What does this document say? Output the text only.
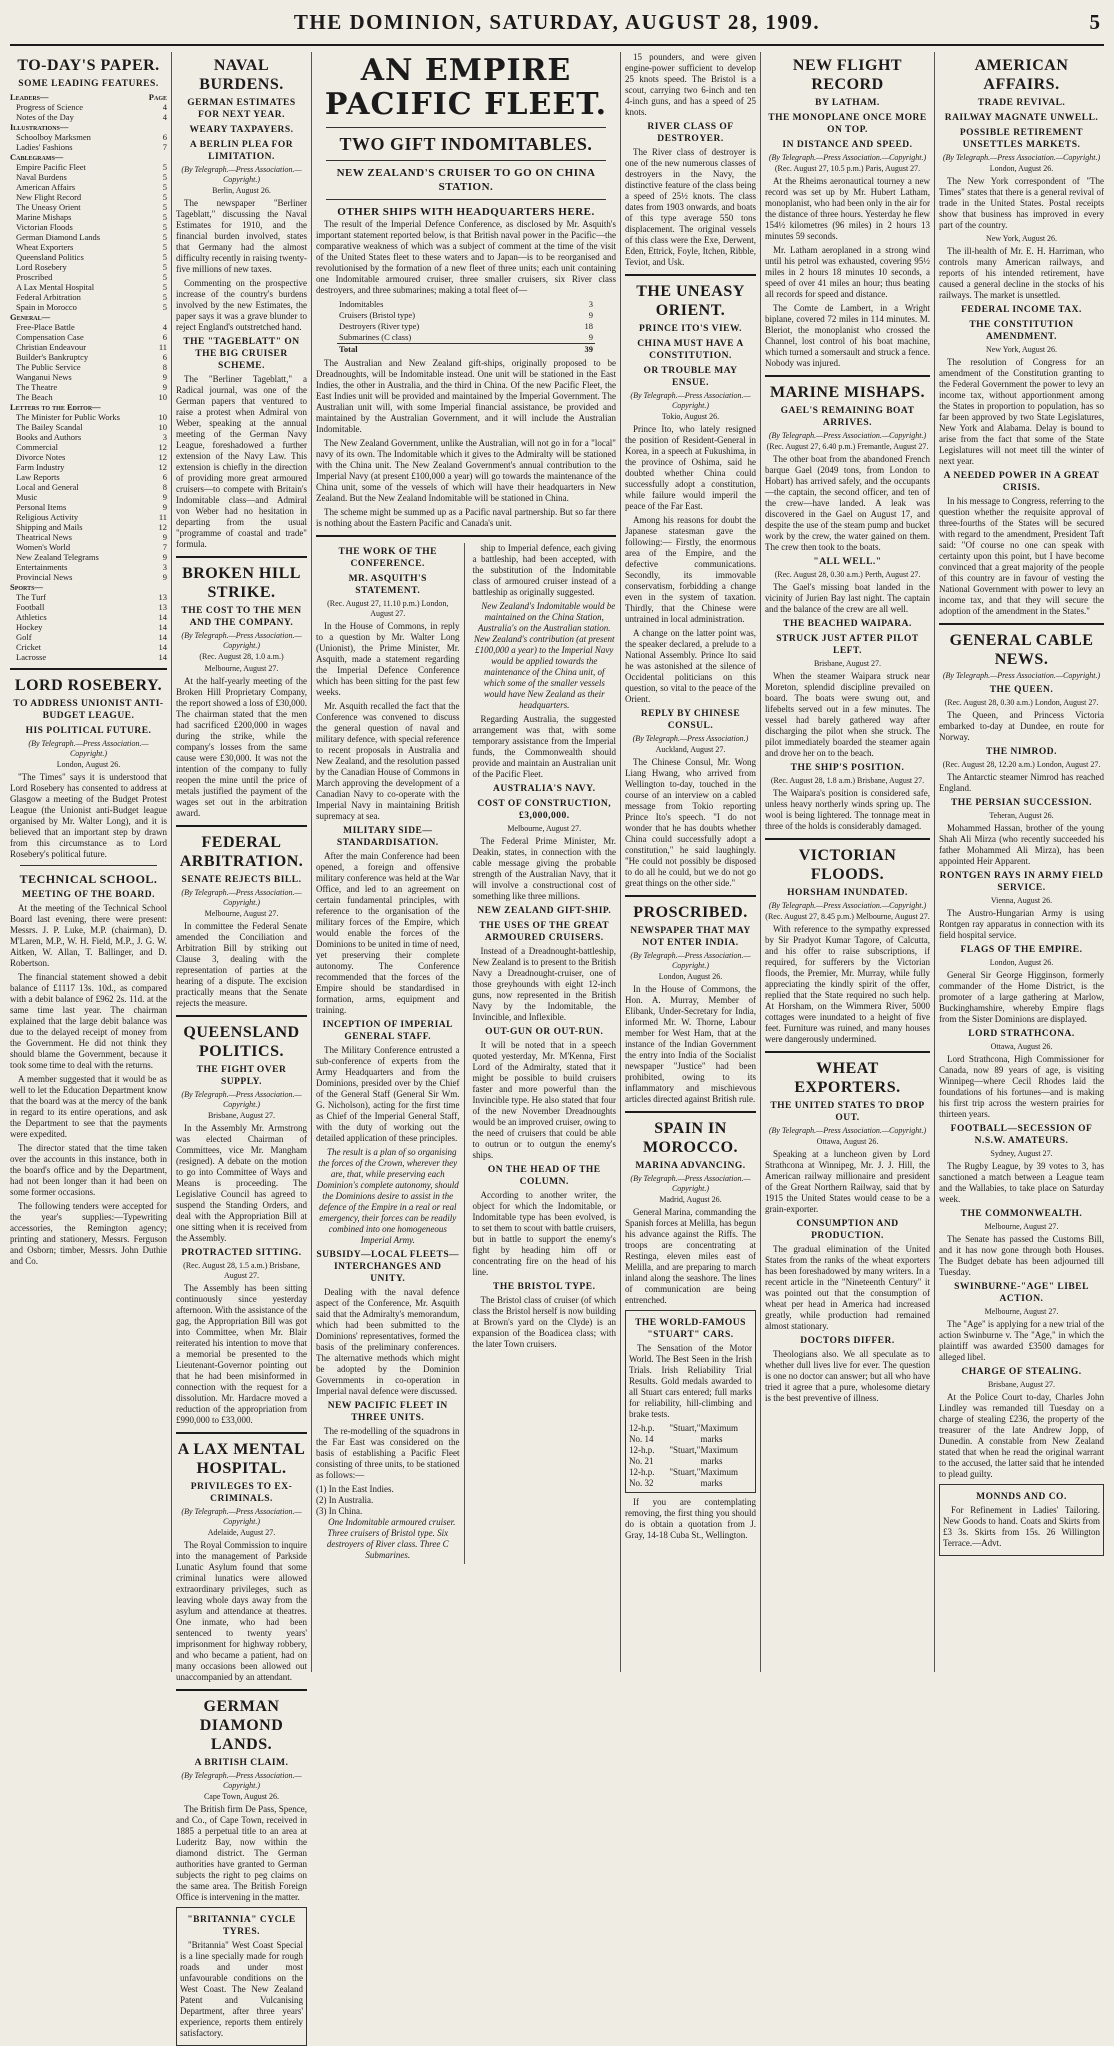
THE DOMINION, SATURDAY, AUGUST 28, 1909.	5
TO-DAY'S PAPER.
SOME LEADING FEATURES.
Leaders—	Page
Progress of Science	4
Notes of the Day	4
Illustrations—
Schoolboy Marksmen	6
Ladies' Fashions	7
Cablegrams—
Empire Pacific Fleet	5
Naval Burdens	5
American Affairs	5
New Flight Record	5
The Uneasy Orient	5
Marine Mishaps	5
Victorian Floods	5
German Diamond Lands	5
Wheat Exporters	5
Queensland Politics	5
Lord Rosebery	5
Proscribed	5
A Lax Mental Hospital	5
Federal Arbitration	5
Spain in Morocco	5
General—
Free-Place Battle	4
Compensation Case	6
Christian Endeavour	11
Builder's Bankruptcy	6
The Public Service	8
Wanganui News	9
The Theatre	9
The Beach	10
Letters to the Editor—
The Minister for Public Works	10
The Bailey Scandal	10
Books and Authors	3
Commercial	12
Divorce Notes	12
Farm Industry	12
Law Reports	6
Local and General	8
Music	9
Personal Items	9
Religious Activity	11
Shipping and Mails	12
Theatrical News	9
Women's World	7
New Zealand Telegrams	9
Entertainments	3
Provincial News	9
Sports—
The Turf	13
Football	13
Athletics	14
Hockey	14
Golf	14
Cricket	14
Lacrosse	14
LORD ROSEBERY.
TO ADDRESS UNIONIST ANTI-BUDGET LEAGUE.
HIS POLITICAL FUTURE.
(By Telegraph.—Press Association.—Copyright.)
London, August 26.

"The Times" says it is understood that Lord Rosebery has consented to address at Glasgow a meeting of the Budget Protest League (the Unionist anti-Budget league organised by Mr. Walter Long), and it is believed that an important step by drawn from this circumstance as to Lord Rosebery's political future.

TECHNICAL SCHOOL.
MEETING OF THE BOARD.

At the meeting of the Technical School Board last evening, there were present: Messrs. J. P. Luke, M.P. (chairman), D. M'Laren, M.P., W. H. Field, M.P., J. G. W. Aitken, W. Allan, T. Ballinger, and D. Robertson.

The financial statement showed a debit balance of £1117 13s. 10d., as compared with a debit balance of £962 2s. 11d. at the same time last year. The chairman explained that the large debit balance was due to the delayed receipt of money from the Government. He did not think they should blame the Government, because it took some time to deal with the returns.

A member suggested that it would be as well to let the Education Department know that the board was at the mercy of the bank in regard to its entire operations, and ask the Department to see that the payments were expedited.

The director stated that the time taken over the accounts in this instance, both in the board's office and by the Department, had not been longer than it had been on some former occasions.

The following tenders were accepted for the year's supplies:—Typewriting accessories, the Remington agency; printing and stationery, Messrs. Ferguson and Osborn; timber, Messrs. John Duthie and Co.

NAVAL BURDENS.
GERMAN ESTIMATES FOR NEXT YEAR.
WEARY TAXPAYERS.
A BERLIN PLEA FOR LIMITATION.
(By Telegraph.—Press Association.—Copyright.)
Berlin, August 26.

The newspaper "Berliner Tageblatt," discussing the Naval Estimates for 1910, and the financial burden involved, states that Germany had the almost difficulty recently in raising twenty-five millions of new taxes.

Commenting on the prospective increase of the country's burdens involved by the new Estimates, the paper says it was a grave blunder to reject England's outstretched hand.

THE "TAGEBLATT" ON THE BIG CRUISER SCHEME.

The "Berliner Tageblatt," a Radical journal, was one of the German papers that ventured to raise a protest when Admiral von Weber, speaking at the annual meeting of the German Navy League, foreshadowed a further extension of the Navy Law. This extension is chiefly in the direction of providing more great armoured cruisers—to compete with Britain's Indomitable class—and Admiral von Weber had no hesitation in departing from the usual "programme of coastal and trade" formula.

BROKEN HILL STRIKE.
THE COST TO THE MEN AND THE COMPANY.
(By Telegraph.—Press Association.—Copyright.)
(Rec. August 28, 1.0 a.m.)
Melbourne, August 27.

At the half-yearly meeting of the Broken Hill Proprietary Company, the report showed a loss of £30,000. The chairman stated that the men had sacrificed £200,000 in wages during the strike, while the company's losses from the same cause were £30,000. It was not the intention of the company to fully reopen the mine until the price of metals justified the payment of the wages set out in the arbitration award.

FEDERAL ARBITRATION.
SENATE REJECTS BILL.
(By Telegraph.—Press Association.—Copyright.)
Melbourne, August 27.

In committee the Federal Senate amended the Conciliation and Arbitration Bill by striking out Clause 3, dealing with the representation of parties at the hearing of a dispute. The excision practically means that the Senate rejects the measure.

QUEENSLAND POLITICS.
THE FIGHT OVER SUPPLY.
(By Telegraph.—Press Association.—Copyright.)
Brisbane, August 27.

In the Assembly Mr. Armstrong was elected Chairman of Committees, vice Mr. Mangham (resigned). A debate on the motion to go into Committee of Ways and Means is proceeding. The Legislative Council has agreed to suspend the Standing Orders, and deal with the Appropriation Bill at one sitting when it is received from the Assembly.

PROTRACTED SITTING.
(Rec. August 28, 1.5 a.m.) Brisbane, August 27.

The Assembly has been sitting continuously since yesterday afternoon. With the assistance of the gag, the Appropriation Bill was got into Committee, when Mr. Blair reiterated his intention to move that a memorial be presented to the Lieutenant-Governor pointing out that he had been misinformed in connection with the request for a dissolution. Mr. Hardacre moved a reduction of the appropriation from £990,000 to £33,000.

A LAX MENTAL HOSPITAL.
PRIVILEGES TO EX-CRIMINALS.
(By Telegraph.—Press Association.—Copyright.)
Adelaide, August 27.

The Royal Commission to inquire into the management of Parkside Lunatic Asylum found that some criminal lunatics were allowed extraordinary privileges, such as leaving whole days away from the asylum and attendance at theatres. One inmate, who had been sentenced to twenty years' imprisonment for highway robbery, and who became a patient, had on many occasions been allowed out unaccompanied by an attendant.

GERMAN DIAMOND LANDS.
A BRITISH CLAIM.
(By Telegraph.—Press Association.—Copyright.)
Cape Town, August 26.

The British firm De Pass, Spence, and Co., of Cape Town, received in 1885 a perpetual title to an area at Luderitz Bay, now within the diamond district. The German authorities have granted to German subjects the right to peg claims on the same area. The British Foreign Office is intervening in the matter.

"BRITANNIA" CYCLE TYRES.

"Britannia" West Coast Special is a line specially made for rough roads and under most unfavourable conditions on the West Coast. The New Zealand Patent and Vulcanising Department, after three years' experience, reports them entirely satisfactory.

AN EMPIRE PACIFIC FLEET.
TWO GIFT INDOMITABLES.
NEW ZEALAND'S CRUISER TO GO ON CHINA STATION.
OTHER SHIPS WITH HEADQUARTERS HERE.

The result of the Imperial Defence Conference, as disclosed by Mr. Asquith's important statement reported below, is that British naval power in the Pacific—the comparative weakness of which was a subject of comment at the time of the visit of the United States fleet to these waters and to Japan—is to be reorganised and revolutionised by the formation of a new fleet of three units; each unit containing one Indomitable armoured cruiser, three smaller cruisers, six River class destroyers, and three submarines; making a total fleet of—

Indomitables	3
Cruisers (Bristol type)	9
Destroyers (River type)	18
Submarines (C class)	9
Total	39

The Australian and New Zealand gift-ships, originally proposed to be Dreadnoughts, will be Indomitable instead. One unit will be stationed in the East Indies, the other in Australia, and the third in China. Of the new Pacific Fleet, the East Indies unit will be provided and maintained by the Imperial Government. The Australian unit will, with some Imperial financial assistance, be provided and maintained by the Australian Government, and it will include the Australian Indomitable.

The New Zealand Government, unlike the Australian, will not go in for a "local" navy of its own. The Indomitable which it gives to the Admiralty will be stationed with the China unit. The New Zealand Government's annual contribution to the Imperial Navy (at present £100,000 a year) will go towards the maintenance of the China unit, some of the vessels of which will have their headquarters in New Zealand. But the New Zealand Indomitable will be stationed in China.

The scheme might be summed up as a Pacific naval partnership. But so far there is nothing about the Eastern Pacific and Canada's unit.

THE WORK OF THE CONFERENCE.
MR. ASQUITH'S STATEMENT.
(Rec. August 27, 11.10 p.m.) London, August 27.

In the House of Commons, in reply to a question by Mr. Walter Long (Unionist), the Prime Minister, Mr. Asquith, made a statement regarding the Imperial Defence Conference which has been sitting for the past few weeks.

Mr. Asquith recalled the fact that the Conference was convened to discuss the general question of naval and military defence, with special reference to recent proposals in Australia and New Zealand, and the resolution passed by the Canadian House of Commons in March approving the development of a Canadian Navy to co-operate with the Imperial Navy in maintaining British supremacy at sea.

MILITARY SIDE—STANDARDISATION.

After the main Conference had been opened, a foreign and offensive military conference was held at the War Office, and led to an agreement on certain fundamental principles, with reference to the organisation of the military forces of the Empire, which would enable the forces of the Dominions to be united in time of need, yet preserving their complete autonomy. The Conference recommended that the forces of the Empire should be standardised in formation, arms, equipment and training.

INCEPTION OF IMPERIAL GENERAL STAFF.

The Military Conference entrusted a sub-conference of experts from the Army Headquarters and from the Dominions, presided over by the Chief of the General Staff (General Sir Wm. G. Nicholson), acting for the first time as Chief of the Imperial General Staff, with the duty of working out the detailed application of these principles.

The result is a plan of so organising the forces of the Crown, wherever they are, that, while preserving each Dominion's complete autonomy, should the Dominions desire to assist in the defence of the Empire in a real or real emergency, their forces can be readily combined into one homogeneous Imperial Army.

SUBSIDY—LOCAL FLEETS—INTERCHANGES AND UNITY.

Dealing with the naval defence aspect of the Conference, Mr. Asquith said that the Admiralty's memorandum, which had been submitted to the Dominions' representatives, formed the basis of the preliminary conferences. The alternative methods which might be adopted by the Dominion Governments in co-operation in Imperial naval defence were discussed.

NEW PACIFIC FLEET IN THREE UNITS.

The re-modelling of the squadrons in the Far East was considered on the basis of establishing a Pacific Fleet consisting of three units, to be stationed as follows:—

(1) In the East Indies.
(2) In Australia.
(3) In China.

One Indomitable armoured cruiser. Three cruisers of Bristol type. Six destroyers of River class. Three C Submarines.

ship to Imperial defence, each giving a battleship, had been accepted, with the substitution of the Indomitable class of armoured cruiser instead of a battleship as originally suggested.

New Zealand's Indomitable would be maintained on the China Station, Australia's on the Australian station. New Zealand's contribution (at present £100,000 a year) to the Imperial Navy would be applied towards the maintenance of the China unit, of which some of the smaller vessels would have New Zealand as their headquarters.

Regarding Australia, the suggested arrangement was that, with some temporary assistance from the Imperial funds, the Commonwealth should provide and maintain an Australian unit of the Pacific Fleet.

AUSTRALIA'S NAVY.
COST OF CONSTRUCTION, £3,000,000.
Melbourne, August 27.

The Federal Prime Minister, Mr. Deakin, states, in connection with the cable message giving the probable strength of the Australian Navy, that it will involve a constructional cost of something like three millions.

NEW ZEALAND GIFT-SHIP.
THE USES OF THE GREAT ARMOURED CRUISERS.

Instead of a Dreadnought-battleship, New Zealand is to present to the British Navy a Dreadnought-cruiser, one of those greyhounds with eight 12-inch guns, now represented in the British Navy by the Indomitable, the Invincible, and Inflexible.

OUT-GUN OR OUT-RUN.

It will be noted that in a speech quoted yesterday, Mr. M'Kenna, First Lord of the Admiralty, stated that it might be possible to build cruisers faster and more powerful than the Invincible type. He also stated that four of the new November Dreadnoughts would be an improved cruiser, owing to the need of cruisers that could be able to outrun or to outgun the enemy's ships.

ON THE HEAD OF THE COLUMN.

According to another writer, the object for which the Indomitable, or Indomitable type has been evolved, is to set them to scout with battle cruisers, but in battle to support the enemy's fight by heading him off or concentrating fire on the head of his line.

THE BRISTOL TYPE.

The Bristol class of cruiser (of which class the Bristol herself is now building at Brown's yard on the Clyde) is an expansion of the Boadicea class; with the later Town cruisers.

15 pounders, and were given engine-power sufficient to develop 25 knots speed. The Bristol is a scout, carrying two 6-inch and ten 4-inch guns, and has a speed of 25 knots.

RIVER CLASS OF DESTROYER.

The River class of destroyer is one of the new numerous classes of destroyers in the Navy, the distinctive feature of the class being a speed of 25½ knots. The class dates from 1903 onwards, and boats of this type average 550 tons displacement. The original vessels of this class were the Exe, Derwent, Eden, Ettrick, Foyle, Itchen, Ribble, Teviot, and Usk.

THE UNEASY ORIENT.
PRINCE ITO'S VIEW.
CHINA MUST HAVE A CONSTITUTION.
OR TROUBLE MAY ENSUE.
(By Telegraph.—Press Association.—Copyright.)
Tokio, August 26.

Prince Ito, who lately resigned the position of Resident-General in Korea, in a speech at Fukushima, in the province of Oshima, said he doubted whether China could successfully adopt a constitution, while failure would imperil the peace of the Far East.

Among his reasons for doubt the Japanese statesman gave the following:— Firstly, the enormous area of the Empire, and the defective communications. Secondly, its immovable conservatism, forbidding a change even in the system of taxation. Thirdly, that the Chinese were untrained in local administration.

A change on the latter point was, the speaker declared, a prelude to a National Assembly. Prince Ito said he was astonished at the silence of Occidental politicians on this question, so vital to the peace of the Orient.

REPLY BY CHINESE CONSUL.
(By Telegraph.—Press Association.)
Auckland, August 27.

The Chinese Consul, Mr. Wong Liang Hwang, who arrived from Wellington to-day, touched in the course of an interview on a cabled message from Tokio reporting Prince Ito's speech. "I do not wonder that he has doubts whether China could successfully adopt a constitution," he said laughingly. "He could not possibly be disposed to do all he could, but we do not go great things on the other side."

PROSCRIBED.
NEWSPAPER THAT MAY NOT ENTER INDIA.
(By Telegraph.—Press Association.—Copyright.)
London, August 26.

In the House of Commons, the Hon. A. Murray, Member of Elibank, Under-Secretary for India, informed Mr. W. Thorne, Labour member for West Ham, that at the instance of the Indian Government the entry into India of the Socialist newspaper "Justice" had been prohibited, owing to its inflammatory and mischievous articles directed against British rule.

SPAIN IN MOROCCO.
MARINA ADVANCING.
(By Telegraph.—Press Association.—Copyright.)
Madrid, August 26.

General Marina, commanding the Spanish forces at Melilla, has begun his advance against the Riffs. The troops are concentrating at Restinga, eleven miles east of Melilla, and are preparing to march inland along the seashore. The lines of communication are being entrenched.

THE WORLD-FAMOUS "STUART" CARS.

The Sensation of the Motor World. The Best Seen in the Irish Trials. Irish Reliability Trial Results. Gold medals awarded to all Stuart cars entered; full marks for reliability, hill-climbing and brake tests.

12-h.p. "Stuart," No. 14
Maximum marks
12-h.p. "Stuart," No. 21
Maximum marks
12-h.p. "Stuart," No. 32
Maximum marks

If you are contemplating removing, the first thing you should do is obtain a quotation from J. Gray, 14-18 Cuba St., Wellington.

NEW FLIGHT RECORD
BY LATHAM.
THE MONOPLANE ONCE MORE ON TOP.
IN DISTANCE AND SPEED.
(By Telegraph.—Press Association.—Copyright.)
(Rec. August 27, 10.5 p.m.) Paris, August 27.

At the Rheims aeronautical tourney a new record was set up by Mr. Hubert Latham, monoplanist, who had been only in the air for the distance of three hours. Yesterday he flew 154½ kilometres (96 miles) in 2 hours 13 minutes 59 seconds.

Mr. Latham aeroplaned in a strong wind until his petrol was exhausted, covering 95½ miles in 2 hours 18 minutes 10 seconds, a speed of over 41 miles an hour; thus beating all records for speed and distance.

The Comte de Lambert, in a Wright biplane, covered 72 miles in 114 minutes. M. Bleriot, the monoplanist who crossed the Channel, lost control of his boat machine, which turned a somersault and struck a fence. Nobody was injured.

MARINE MISHAPS.
GAEL'S REMAINING BOAT ARRIVES.
(By Telegraph.—Press Association.—Copyright.)
(Rec. August 27, 6.40 p.m.) Fremantle, August 27.

The other boat from the abandoned French barque Gael (2049 tons, from London to Hobart) has arrived safely, and the occupants—the captain, the second officer, and ten of the crew—have landed. A leak was discovered in the Gael on August 17, and despite the use of the steam pump and bucket work by the crew, the water gained on them. The crew then took to the boats.

"ALL WELL."
(Rec. August 28, 0.30 a.m.) Perth, August 27.

The Gael's missing boat landed in the vicinity of Jurien Bay last night. The captain and the balance of the crew are all well.

THE BEACHED WAIPARA.
STRUCK JUST AFTER PILOT LEFT.
Brisbane, August 27.

When the steamer Waipara struck near Moreton, splendid discipline prevailed on board. The boats were swung out, and lifebelts served out in a few minutes. The vessel had barely gathered way after discharging the pilot when she struck. The pilot immediately boarded the steamer again and drove her on to the beach.

THE SHIP'S POSITION.
(Rec. August 28, 1.8 a.m.) Brisbane, August 27.

The Waipara's position is considered safe, unless heavy northerly winds spring up. The wool is being lightered. The tonnage meat in three of the holds is considerably damaged.

VICTORIAN FLOODS.
HORSHAM INUNDATED.
(By Telegraph.—Press Association.—Copyright.)
(Rec. August 27, 8.45 p.m.) Melbourne, August 27.

With reference to the sympathy expressed by Sir Pradyot Kumar Tagore, of Calcutta, and his offer to raise subscriptions, if required, for sufferers by the Victorian floods, the Premier, Mr. Murray, while fully appreciating the kindly spirit of the offer, replied that the State required no such help. At Horsham, on the Wimmera River, 5000 cottages were inundated to a height of five feet. Furniture was ruined, and many houses were dangerously undermined.

WHEAT EXPORTERS.
THE UNITED STATES TO DROP OUT.
(By Telegraph.—Press Association.—Copyright.)
Ottawa, August 26.

Speaking at a luncheon given by Lord Strathcona at Winnipeg, Mr. J. J. Hill, the American railway millionaire and president of the Great Northern Railway, said that by 1915 the United States would cease to be a grain-exporter.

CONSUMPTION AND PRODUCTION.

The gradual elimination of the United States from the ranks of the wheat exporters has been foreshadowed by many writers. In a recent article in the "Nineteenth Century" it was pointed out that the consumption of wheat per head in America had increased greatly, while production had remained almost stationary.

DOCTORS DIFFER.

Theologians also. We all speculate as to whether dull lives live for ever. The question is one no doctor can answer; but all who have tried it agree that a pure, wholesome dietary is the best preventive of illness.

AMERICAN AFFAIRS.
TRADE REVIVAL.
RAILWAY MAGNATE UNWELL.
POSSIBLE RETIREMENT UNSETTLES MARKETS.
(By Telegraph.—Press Association.—Copyright.)
London, August 26.

The New York correspondent of "The Times" states that there is a general revival of trade in the United States. Postal receipts show that business has improved in every part of the country.

New York, August 26.

The ill-health of Mr. E. H. Harriman, who controls many American railways, and reports of his intended retirement, have caused a general decline in the stocks of his railways. The market is unsettled.

FEDERAL INCOME TAX.
THE CONSTITUTION AMENDMENT.
New York, August 26.

The resolution of Congress for an amendment of the Constitution granting to the Federal Government the power to levy an income tax, without apportionment among the States in proportion to population, has so far been approved by two State Legislatures, New York and Alabama. Delay is bound to arise from the fact that some of the State Legislatures will not meet till the winter of next year.

A NEEDED POWER IN A GREAT CRISIS.

In his message to Congress, referring to the question whether the requisite approval of three-fourths of the States will be secured with regard to the amendment, President Taft said: "Of course no one can speak with certainty upon this point, but I have become convinced that a great majority of the people of this country are in favour of vesting the National Government with power to levy an income tax, and that they will secure the adoption of the amendment in the States."

GENERAL CABLE NEWS.
(By Telegraph.—Press Association.—Copyright.)
THE QUEEN.
(Rec. August 28, 0.30 a.m.) London, August 27.

The Queen, and Princess Victoria embarked to-day at Dundee, en route for Norway.

THE NIMROD.
(Rec. August 28, 12.20 a.m.) London, August 27.

The Antarctic steamer Nimrod has reached England.

THE PERSIAN SUCCESSION.
Teheran, August 26.

Mohammed Hassan, brother of the young Shah Ali Mirza (who recently succeeded his father Mohammed Ali Mirza), has been appointed Heir Apparent.

RONTGEN RAYS IN ARMY FIELD SERVICE.
Vienna, August 26.

The Austro-Hungarian Army is using Rontgen ray apparatus in connection with its field hospital service.

FLAGS OF THE EMPIRE.
London, August 26.

General Sir George Higginson, formerly commander of the Home District, is the promoter of a large gathering at Marlow, Buckinghamshire, whereby Empire flags from the Sister Dominions are displayed.

LORD STRATHCONA.
Ottawa, August 26.

Lord Strathcona, High Commissioner for Canada, now 89 years of age, is visiting Winnipeg—where Cecil Rhodes laid the foundations of his fortunes—and is making his first trip across the western prairies for thirteen years.

FOOTBALL—SECESSION OF N.S.W. AMATEURS.
Sydney, August 27.

The Rugby League, by 39 votes to 3, has sanctioned a match between a League team and the Wallabies, to take place on Saturday week.

THE COMMONWEALTH.
Melbourne, August 27.

The Senate has passed the Customs Bill, and it has now gone through both Houses. The Budget debate has been adjourned till Tuesday.

SWINBURNE-"AGE" LIBEL ACTION.
Melbourne, August 27.

The "Age" is applying for a new trial of the action Swinburne v. The "Age," in which the plaintiff was awarded £3500 damages for alleged libel.

CHARGE OF STEALING.
Brisbane, August 27.

At the Police Court to-day, Charles John Lindley was remanded till Tuesday on a charge of stealing £236, the property of the treasurer of the late Andrew Jopp, of Dunedin. A constable from New Zealand stated that when he read the original warrant to the accused, the latter said that he intended to plead guilty.

MONNDS AND CO.

For Refinement in Ladies' Tailoring. New Goods to hand. Coats and Skirts from £3 3s. Skirts from 15s. 26 Willington Terrace.—Advt.
